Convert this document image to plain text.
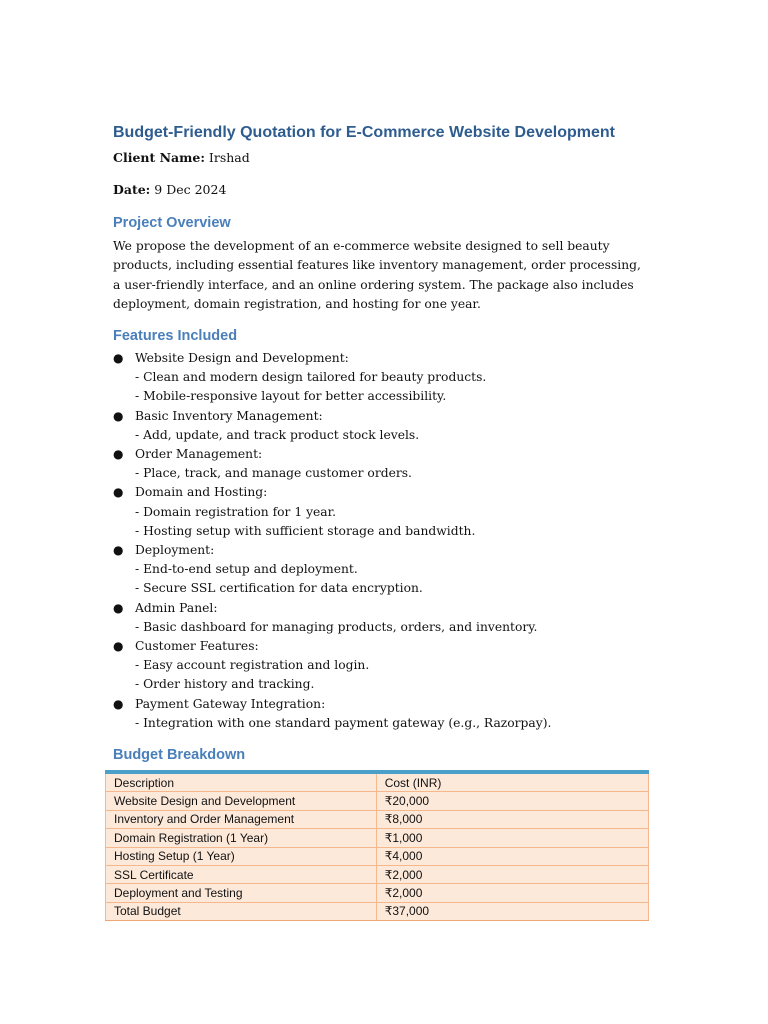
Budget-Friendly Quotation for E-Commerce Website Development
Client Name: Irshad
Date: 9 Dec 2024
Project Overview
We propose the development of an e-commerce website designed to sell beauty products, including essential features like inventory management, order processing, a user-friendly interface, and an online ordering system. The package also includes deployment, domain registration, and hosting for one year.
Features Included
● Website Design and Development:
- Clean and modern design tailored for beauty products.
- Mobile-responsive layout for better accessibility.
● Basic Inventory Management:
- Add, update, and track product stock levels.
● Order Management:
- Place, track, and manage customer orders.
● Domain and Hosting:
- Domain registration for 1 year.
- Hosting setup with sufficient storage and bandwidth.
● Deployment:
- End-to-end setup and deployment.
- Secure SSL certification for data encryption.
● Admin Panel:
- Basic dashboard for managing products, orders, and inventory.
● Customer Features:
- Easy account registration and login.
- Order history and tracking.
● Payment Gateway Integration:
- Integration with one standard payment gateway (e.g., Razorpay).
Budget Breakdown
Description	Cost (INR)
Website Design and Development	₹20,000
Inventory and Order Management	₹8,000
Domain Registration (1 Year)	₹1,000
Hosting Setup (1 Year)	₹4,000
SSL Certificate	₹2,000
Deployment and Testing	₹2,000
Total Budget	₹37,000
